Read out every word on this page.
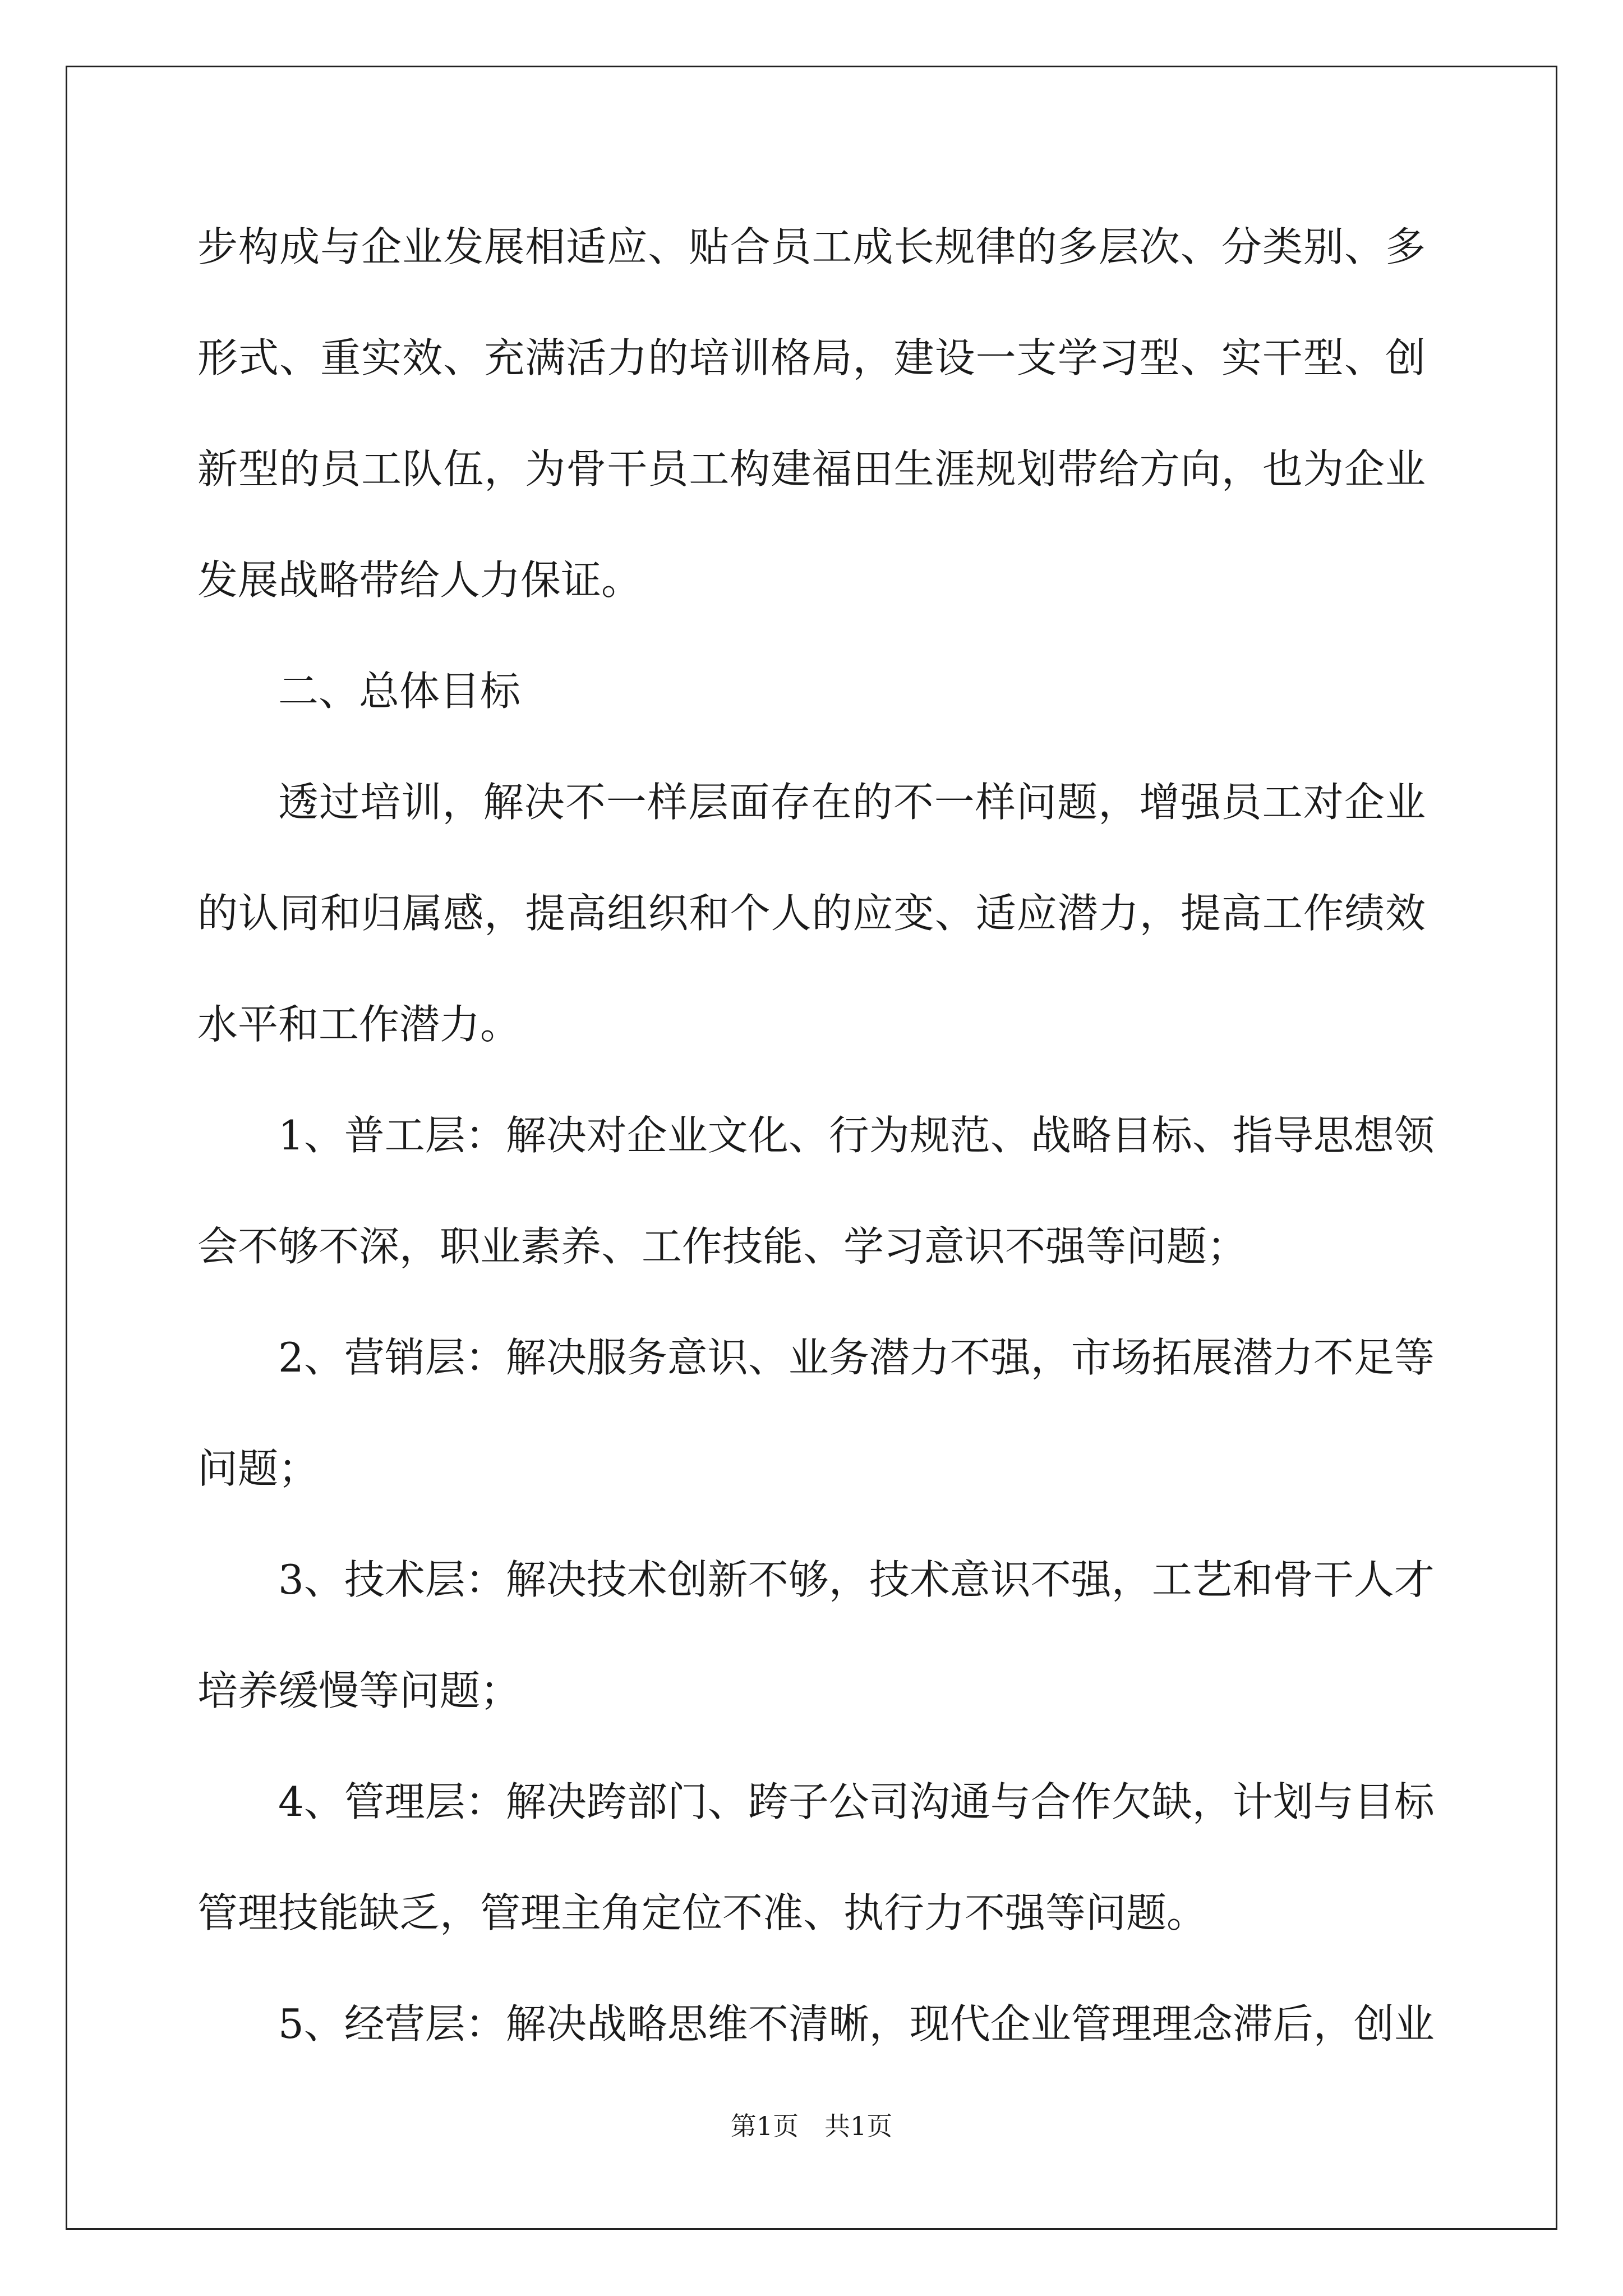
步构成与企业发展相适应、贴合员工成长规律的多层次、分类别、多
形式、重实效、充满活力的培训格局，建设一支学习型、实干型、创
新型的员工队伍，为骨干员工构建福田生涯规划带给方向，也为企业
发展战略带给人力保证。
二、总体目标
透过培训，解决不一样层面存在的不一样问题，增强员工对企业
的认同和归属感，提高组织和个人的应变、适应潜力，提高工作绩效
水平和工作潜力。
1、普工层：解决对企业文化、行为规范、战略目标、指导思想领
会不够不深，职业素养、工作技能、学习意识不强等问题；
2、营销层：解决服务意识、业务潜力不强，市场拓展潜力不足等
问题；
3、技术层：解决技术创新不够，技术意识不强，工艺和骨干人才
培养缓慢等问题；
4、管理层：解决跨部门、跨子公司沟通与合作欠缺，计划与目标
管理技能缺乏，管理主角定位不准、执行力不强等问题。
5、经营层：解决战略思维不清晰，现代企业管理理念滞后，创业
第1页　共1页
